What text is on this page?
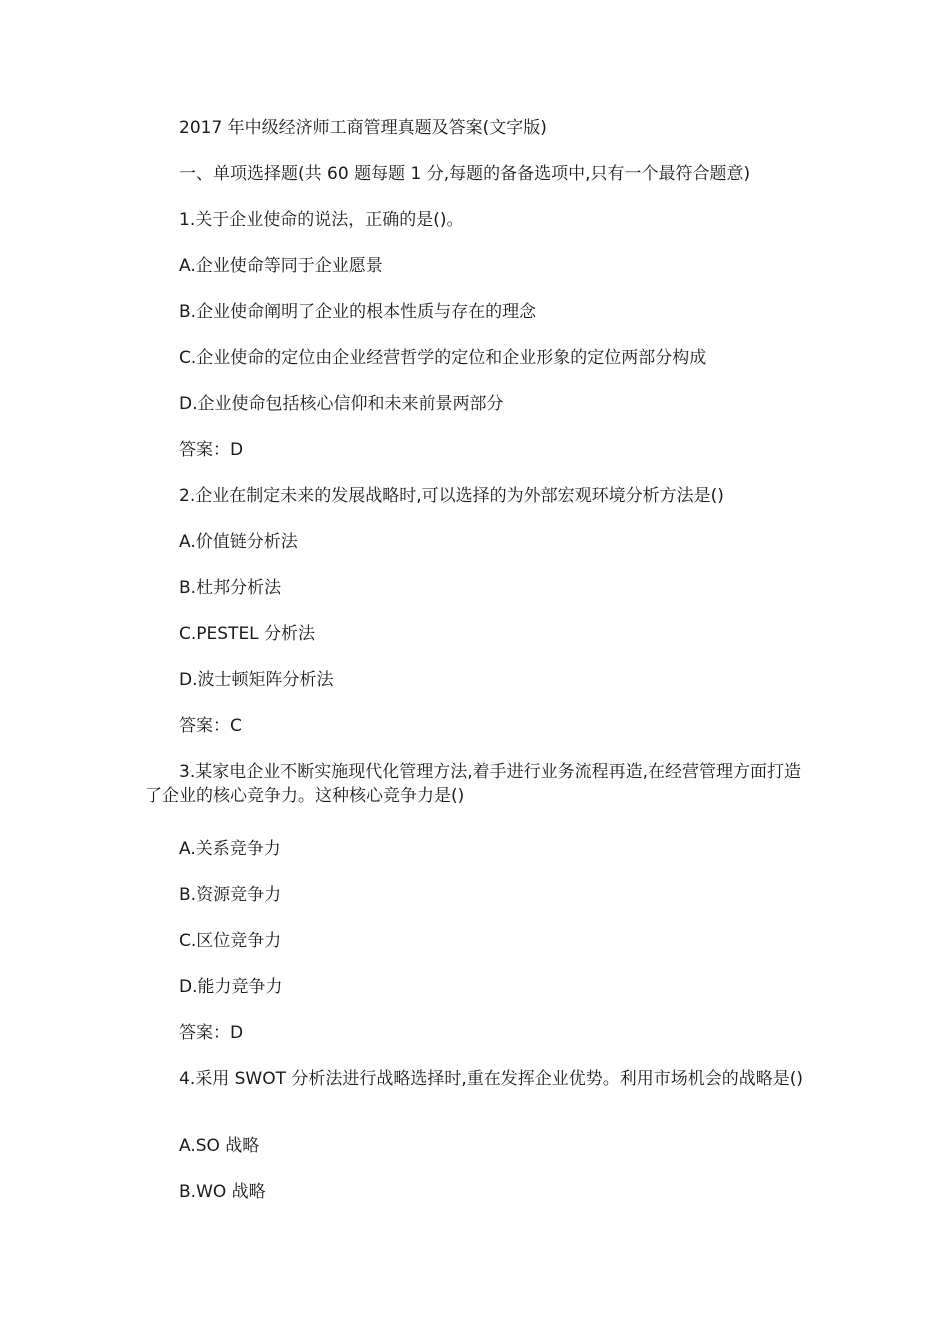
2017 年中级经济师工商管理真题及答案(文字版)
一、单项选择题(共 60 题每题 1 分,每题的备备选项中,只有一个最符合题意)
1.关于企业使命的说法，正确的是()。
A.企业使命等同于企业愿景
B.企业使命阐明了企业的根本性质与存在的理念
C.企业使命的定位由企业经营哲学的定位和企业形象的定位两部分构成
D.企业使命包括核心信仰和未来前景两部分
答案：D
2.企业在制定未来的发展战略时,可以选择的为外部宏观环境分析方法是()
A.价值链分析法
B.杜邦分析法
C.PESTEL 分析法
D.波士顿矩阵分析法
答案：C
3.某家电企业不断实施现代化管理方法,着手进行业务流程再造,在经营管理方面打造了企业的核心竞争力。这种核心竞争力是()
A.关系竞争力
B.资源竞争力
C.区位竞争力
D.能力竞争力
答案：D
4.采用 SWOT 分析法进行战略选择时,重在发挥企业优势。利用市场机会的战略是()
A.SO 战略
B.WO 战略
